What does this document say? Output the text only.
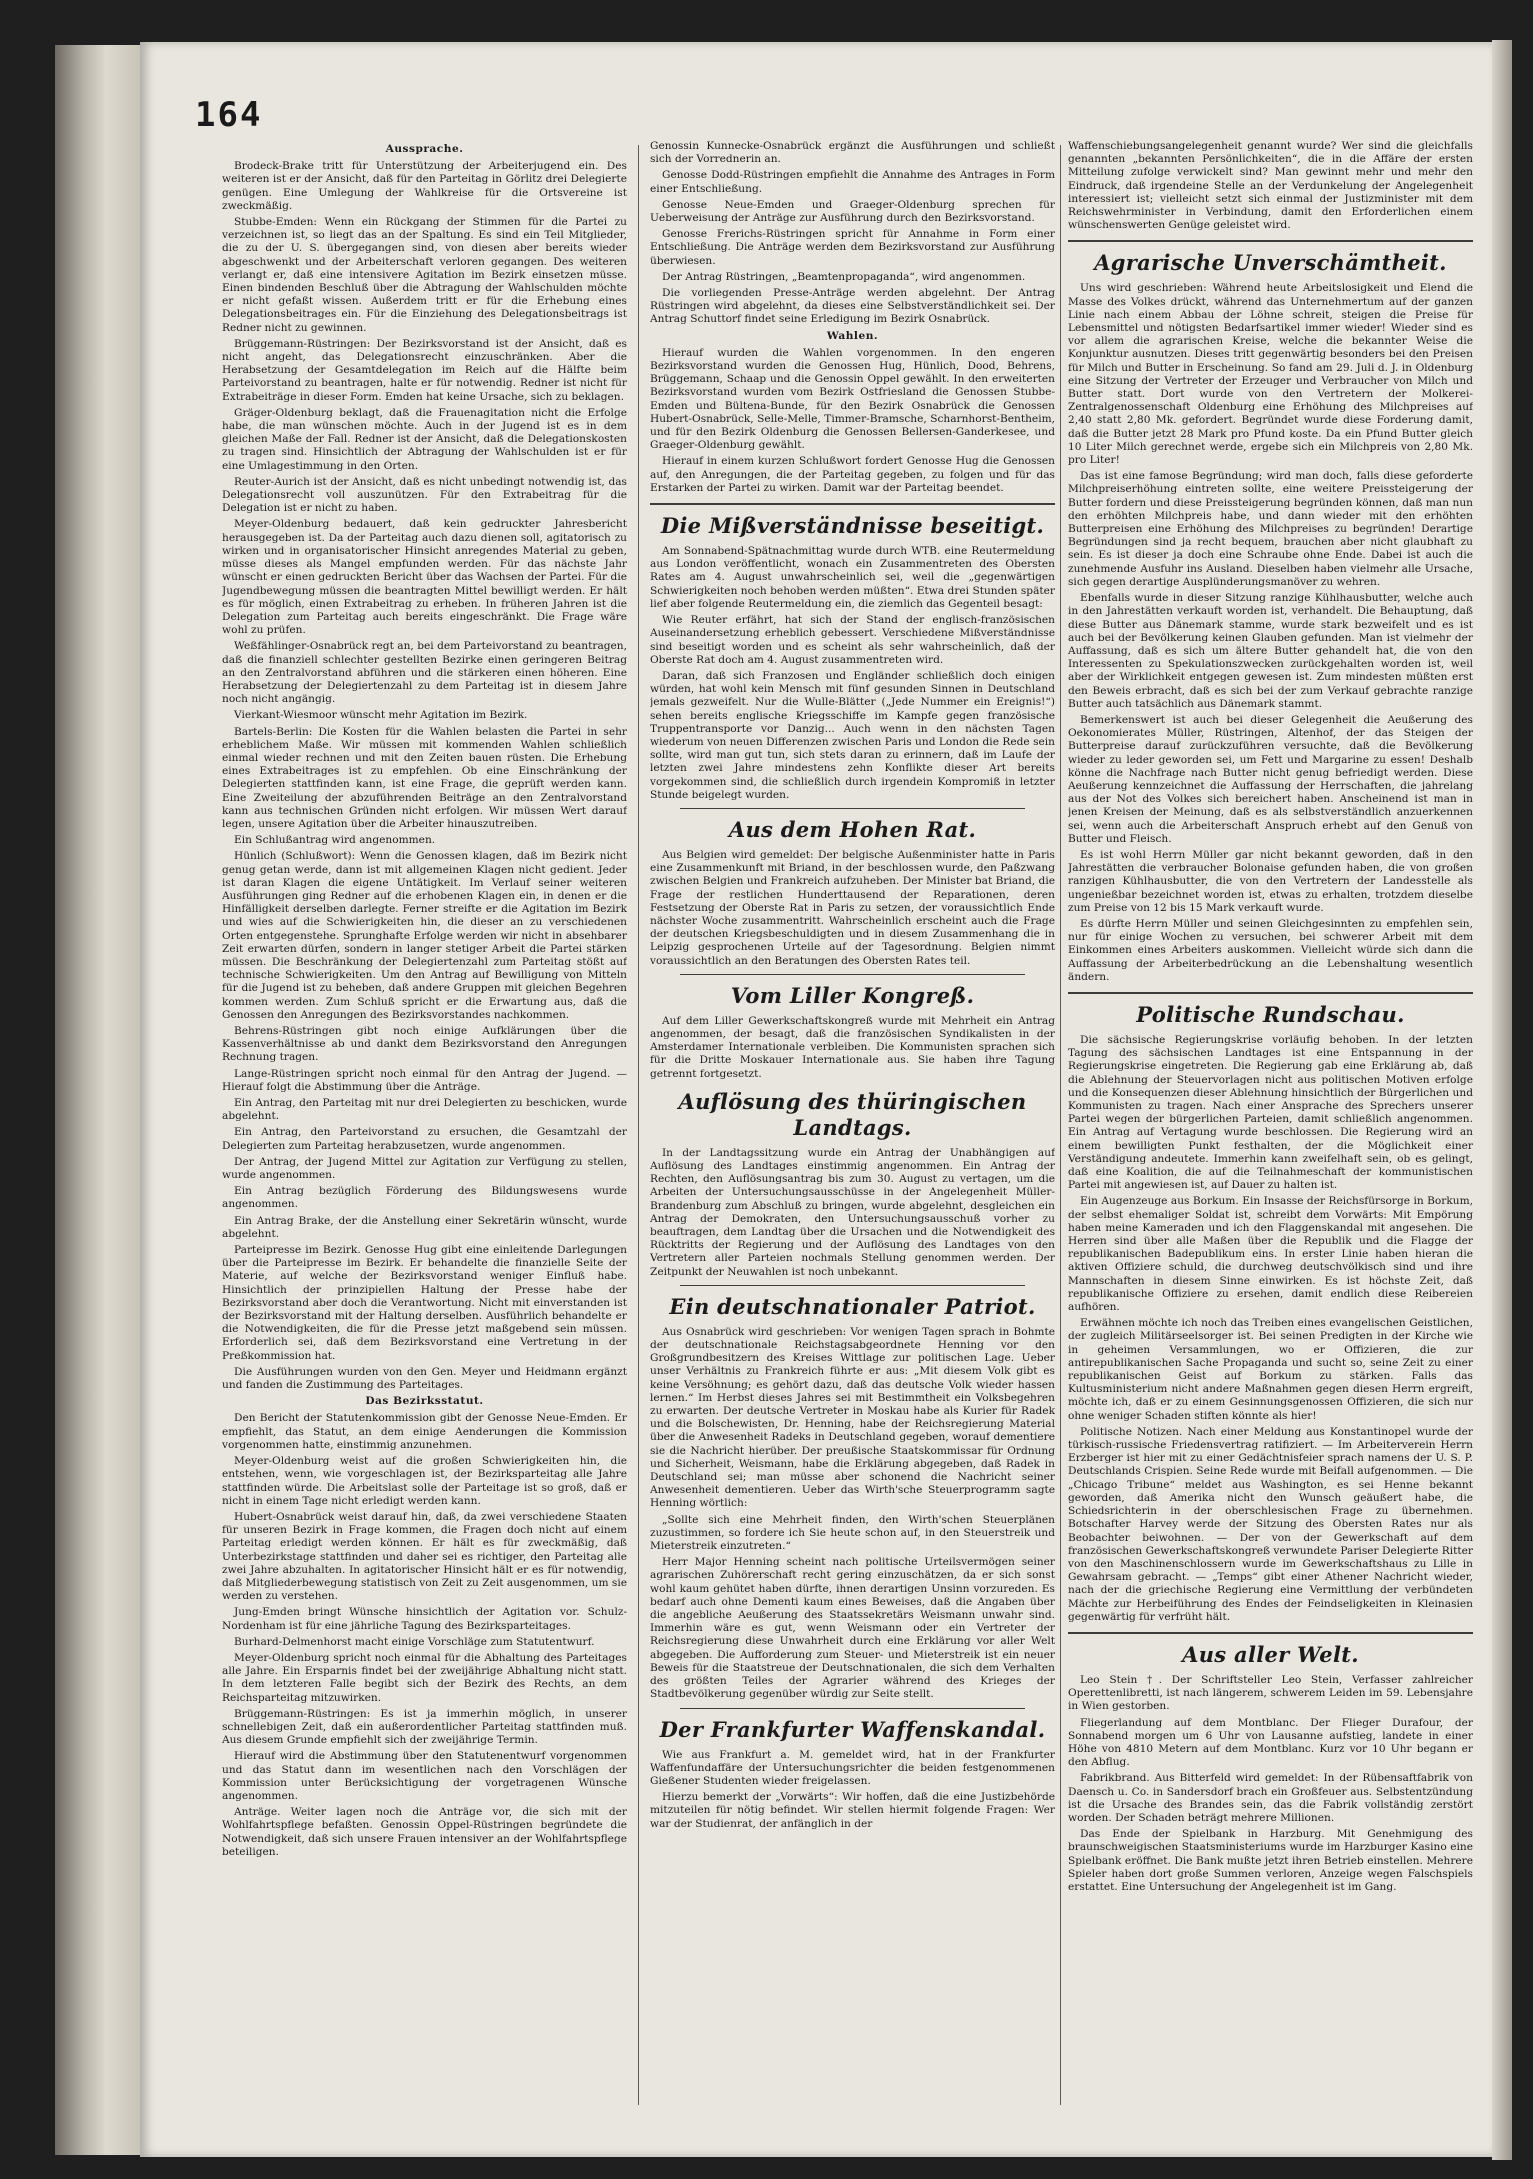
164
Aussprache.

Brodeck-Brake tritt für Unterstützung der Arbeiterjugend ein. Des weiteren ist er der Ansicht, daß für den Parteitag in Görlitz drei Delegierte genügen. Eine Umlegung der Wahlkreise für die Ortsvereine ist zweckmäßig.

Stubbe-Emden: Wenn ein Rückgang der Stimmen für die Partei zu verzeichnen ist, so liegt das an der Spaltung. Es sind ein Teil Mitglieder, die zu der U. S. übergegangen sind, von diesen aber bereits wieder abgeschwenkt und der Arbeiterschaft verloren gegangen. Des weiteren verlangt er, daß eine intensivere Agitation im Bezirk einsetzen müsse. Einen bindenden Beschluß über die Abtragung der Wahlschulden möchte er nicht gefaßt wissen. Außerdem tritt er für die Erhebung eines Delegationsbeitrages ein. Für die Einziehung des Delegationsbeitrags ist Redner nicht zu gewinnen.

Brüggemann-Rüstringen: Der Bezirksvorstand ist der Ansicht, daß es nicht angeht, das Delegationsrecht einzuschränken. Aber die Herabsetzung der Gesamtdelegation im Reich auf die Hälfte beim Parteivorstand zu beantragen, halte er für notwendig. Redner ist nicht für Extrabeiträge in dieser Form. Emden hat keine Ursache, sich zu beklagen.

Gräger-Oldenburg beklagt, daß die Frauenagitation nicht die Erfolge habe, die man wünschen möchte. Auch in der Jugend ist es in dem gleichen Maße der Fall. Redner ist der Ansicht, daß die Delegationskosten zu tragen sind. Hinsichtlich der Abtragung der Wahlschulden ist er für eine Umlagestimmung in den Orten.

Reuter-Aurich ist der Ansicht, daß es nicht unbedingt notwendig ist, das Delegationsrecht voll auszunützen. Für den Extrabeitrag für die Delegation ist er nicht zu haben.

Meyer-Oldenburg bedauert, daß kein gedruckter Jahresbericht herausgegeben ist. Da der Parteitag auch dazu dienen soll, agitatorisch zu wirken und in organisatorischer Hinsicht anregendes Material zu geben, müsse dieses als Mangel empfunden werden. Für das nächste Jahr wünscht er einen gedruckten Bericht über das Wachsen der Partei. Für die Jugendbewegung müssen die beantragten Mittel bewilligt werden. Er hält es für möglich, einen Extrabeitrag zu erheben. In früheren Jahren ist die Delegation zum Parteitag auch bereits eingeschränkt. Die Frage wäre wohl zu prüfen.

Weßfählinger-Osnabrück regt an, bei dem Parteivorstand zu beantragen, daß die finanziell schlechter gestellten Bezirke einen geringeren Beitrag an den Zentralvorstand abführen und die stärkeren einen höheren. Eine Herabsetzung der Delegiertenzahl zu dem Parteitag ist in diesem Jahre noch nicht angängig.

Vierkant-Wiesmoor wünscht mehr Agitation im Bezirk.

Bartels-Berlin: Die Kosten für die Wahlen belasten die Partei in sehr erheblichem Maße. Wir müssen mit kommenden Wahlen schließlich einmal wieder rechnen und mit den Zeiten bauen rüsten. Die Erhebung eines Extrabeitrages ist zu empfehlen. Ob eine Einschränkung der Delegierten stattfinden kann, ist eine Frage, die geprüft werden kann. Eine Zweiteilung der abzuführenden Beiträge an den Zentralvorstand kann aus technischen Gründen nicht erfolgen. Wir müssen Wert darauf legen, unsere Agitation über die Arbeiter hinauszutreiben.

Ein Schlußantrag wird angenommen.

Hünlich (Schlußwort): Wenn die Genossen klagen, daß im Bezirk nicht genug getan werde, dann ist mit allgemeinen Klagen nicht gedient. Jeder ist daran Klagen die eigene Untätigkeit. Im Verlauf seiner weiteren Ausführungen ging Redner auf die erhobenen Klagen ein, in denen er die Hinfälligkeit derselben darlegte. Ferner streifte er die Agitation im Bezirk und wies auf die Schwierigkeiten hin, die dieser an zu verschiedenen Orten entgegenstehe. Sprunghafte Erfolge werden wir nicht in absehbarer Zeit erwarten dürfen, sondern in langer stetiger Arbeit die Partei stärken müssen. Die Beschränkung der Delegiertenzahl zum Parteitag stößt auf technische Schwierigkeiten. Um den Antrag auf Bewilligung von Mitteln für die Jugend ist zu beheben, daß andere Gruppen mit gleichen Begehren kommen werden. Zum Schluß spricht er die Erwartung aus, daß die Genossen den Anregungen des Bezirksvorstandes nachkommen.

Behrens-Rüstringen gibt noch einige Aufklärungen über die Kassenverhältnisse ab und dankt dem Bezirksvorstand den Anregungen Rechnung tragen.

Lange-Rüstringen spricht noch einmal für den Antrag der Jugend. — Hierauf folgt die Abstimmung über die Anträge.

Ein Antrag, den Parteitag mit nur drei Delegierten zu beschicken, wurde abgelehnt.

Ein Antrag, den Parteivorstand zu ersuchen, die Gesamtzahl der Delegierten zum Parteitag herabzusetzen, wurde angenommen.

Der Antrag, der Jugend Mittel zur Agitation zur Verfügung zu stellen, wurde angenommen.

Ein Antrag bezüglich Förderung des Bildungswesens wurde angenommen.

Ein Antrag Brake, der die Anstellung einer Sekretärin wünscht, wurde abgelehnt.

Parteipresse im Bezirk. Genosse Hug gibt eine einleitende Darlegungen über die Parteipresse im Bezirk. Er behandelte die finanzielle Seite der Materie, auf welche der Bezirksvorstand weniger Einfluß habe. Hinsichtlich der prinzipiellen Haltung der Presse habe der Bezirksvorstand aber doch die Verantwortung. Nicht mit einverstanden ist der Bezirksvorstand mit der Haltung derselben. Ausführlich behandelte er die Notwendigkeiten, die für die Presse jetzt maßgebend sein müssen. Erforderlich sei, daß dem Bezirksvorstand eine Vertretung in der Preßkommission hat.

Die Ausführungen wurden von den Gen. Meyer und Heidmann ergänzt und fanden die Zustimmung des Parteitages.

Das Bezirksstatut.

Den Bericht der Statutenkommission gibt der Genosse Neue-Emden. Er empfiehlt, das Statut, an dem einige Aenderungen die Kommission vorgenommen hatte, einstimmig anzunehmen.

Meyer-Oldenburg weist auf die großen Schwierigkeiten hin, die entstehen, wenn, wie vorgeschlagen ist, der Bezirksparteitag alle Jahre stattfinden würde. Die Arbeitslast solle der Parteitage ist so groß, daß er nicht in einem Tage nicht erledigt werden kann.

Hubert-Osnabrück weist darauf hin, daß, da zwei verschiedene Staaten für unseren Bezirk in Frage kommen, die Fragen doch nicht auf einem Parteitag erledigt werden können. Er hält es für zweckmäßig, daß Unterbezirkstage stattfinden und daher sei es richtiger, den Parteitag alle zwei Jahre abzuhalten. In agitatorischer Hinsicht hält er es für notwendig, daß Mitgliederbewegung statistisch von Zeit zu Zeit ausgenommen, um sie werden zu verstehen.

Jung-Emden bringt Wünsche hinsichtlich der Agitation vor. Schulz-Nordenham ist für eine jährliche Tagung des Bezirksparteitages.

Burhard-Delmenhorst macht einige Vorschläge zum Statutentwurf.

Meyer-Oldenburg spricht noch einmal für die Abhaltung des Parteitages alle Jahre. Ein Ersparnis findet bei der zweijährige Abhaltung nicht statt. In dem letzteren Falle begibt sich der Bezirk des Rechts, an dem Reichsparteitag mitzuwirken.

Brüggemann-Rüstringen: Es ist ja immerhin möglich, in unserer schnellebigen Zeit, daß ein außerordentlicher Parteitag stattfinden muß. Aus diesem Grunde empfiehlt sich der zweijährige Termin.

Hierauf wird die Abstimmung über den Statutenentwurf vorgenommen und das Statut dann im wesentlichen nach den Vorschlägen der Kommission unter Berücksichtigung der vorgetragenen Wünsche angenommen.

Anträge. Weiter lagen noch die Anträge vor, die sich mit der Wohlfahrtspflege befaßten. Genossin Oppel-Rüstringen begründete die Notwendigkeit, daß sich unsere Frauen intensiver an der Wohlfahrtspflege beteiligen.

Genossin Kunnecke-Osnabrück ergänzt die Ausführungen und schließt sich der Vorrednerin an.

Genosse Dodd-Rüstringen empfiehlt die Annahme des Antrages in Form einer Entschließung.

Genosse Neue-Emden und Graeger-Oldenburg sprechen für Ueberweisung der Anträge zur Ausführung durch den Bezirksvorstand.

Genosse Frerichs-Rüstringen spricht für Annahme in Form einer Entschließung. Die Anträge werden dem Bezirksvorstand zur Ausführung überwiesen.

Der Antrag Rüstringen, „Beamtenpropaganda“, wird angenommen.

Die vorliegenden Presse-Anträge werden abgelehnt. Der Antrag Rüstringen wird abgelehnt, da dieses eine Selbstverständlichkeit sei. Der Antrag Schuttorf findet seine Erledigung im Bezirk Osnabrück.

Wahlen.

Hierauf wurden die Wahlen vorgenommen. In den engeren Bezirksvorstand wurden die Genossen Hug, Hünlich, Dood, Behrens, Brüggemann, Schaap und die Genossin Oppel gewählt. In den erweiterten Bezirksvorstand wurden vom Bezirk Ostfriesland die Genossen Stubbe-Emden und Bültena-Bunde, für den Bezirk Osnabrück die Genossen Hubert-Osnabrück, Selle-Melle, Timmer-Bramsche, Scharnhorst-Bentheim, und für den Bezirk Oldenburg die Genossen Bellersen-Ganderkesee, und Graeger-Oldenburg gewählt.

Hierauf in einem kurzen Schlußwort fordert Genosse Hug die Genossen auf, den Anregungen, die der Parteitag gegeben, zu folgen und für das Erstarken der Partei zu wirken. Damit war der Parteitag beendet.

Die Mißverständnisse beseitigt.

Am Sonnabend-Spätnachmittag wurde durch WTB. eine Reutermeldung aus London veröffentlicht, wonach ein Zusammentreten des Obersten Rates am 4. August unwahrscheinlich sei, weil die „gegenwärtigen Schwierigkeiten noch behoben werden müßten“. Etwa drei Stunden später lief aber folgende Reutermeldung ein, die ziemlich das Gegenteil besagt:

Wie Reuter erfährt, hat sich der Stand der englisch-französischen Auseinandersetzung erheblich gebessert. Verschiedene Mißverständnisse sind beseitigt worden und es scheint als sehr wahrscheinlich, daß der Oberste Rat doch am 4. August zusammentreten wird.

Daran, daß sich Franzosen und Engländer schließlich doch einigen würden, hat wohl kein Mensch mit fünf gesunden Sinnen in Deutschland jemals gezweifelt. Nur die Wulle-Blätter („Jede Nummer ein Ereignis!“) sehen bereits englische Kriegsschiffe im Kampfe gegen französische Truppentransporte vor Danzig... Auch wenn in den nächsten Tagen wiederum von neuen Differenzen zwischen Paris und London die Rede sein sollte, wird man gut tun, sich stets daran zu erinnern, daß im Laufe der letzten zwei Jahre mindestens zehn Konflikte dieser Art bereits vorgekommen sind, die schließlich durch irgendein Kompromiß in letzter Stunde beigelegt wurden.

Aus dem Hohen Rat.

Aus Belgien wird gemeldet: Der belgische Außenminister hatte in Paris eine Zusammenkunft mit Briand, in der beschlossen wurde, den Paßzwang zwischen Belgien und Frankreich aufzuheben. Der Minister bat Briand, die Frage der restlichen Hunderttausend der Reparationen, deren Festsetzung der Oberste Rat in Paris zu setzen, der voraussichtlich Ende nächster Woche zusammentritt. Wahrscheinlich erscheint auch die Frage der deutschen Kriegsbeschuldigten und in diesem Zusammenhang die in Leipzig gesprochenen Urteile auf der Tagesordnung. Belgien nimmt voraussichtlich an den Beratungen des Obersten Rates teil.

Vom Liller Kongreß.

Auf dem Liller Gewerkschaftskongreß wurde mit Mehrheit ein Antrag angenommen, der besagt, daß die französischen Syndikalisten in der Amsterdamer Internationale verbleiben. Die Kommunisten sprachen sich für die Dritte Moskauer Internationale aus. Sie haben ihre Tagung getrennt fortgesetzt.

Auflösung des thüringischen Landtags.

In der Landtagssitzung wurde ein Antrag der Unabhängigen auf Auflösung des Landtages einstimmig angenommen. Ein Antrag der Rechten, den Auflösungsantrag bis zum 30. August zu vertagen, um die Arbeiten der Untersuchungsausschüsse in der Angelegenheit Müller-Brandenburg zum Abschluß zu bringen, wurde abgelehnt, desgleichen ein Antrag der Demokraten, den Untersuchungsausschuß vorher zu beauftragen, dem Landtag über die Ursachen und die Notwendigkeit des Rücktritts der Regierung und der Auflösung des Landtages von den Vertretern aller Parteien nochmals Stellung genommen werden. Der Zeitpunkt der Neuwahlen ist noch unbekannt.

Ein deutschnationaler Patriot.

Aus Osnabrück wird geschrieben: Vor wenigen Tagen sprach in Bohmte der deutschnationale Reichstagsabgeordnete Henning vor den Großgrundbesitzern des Kreises Wittlage zur politischen Lage. Ueber unser Verhältnis zu Frankreich führte er aus: „Mit diesem Volk gibt es keine Versöhnung; es gehört dazu, daß das deutsche Volk wieder hassen lernen.“ Im Herbst dieses Jahres sei mit Bestimmtheit ein Volksbegehren zu erwarten. Der deutsche Vertreter in Moskau habe als Kurier für Radek und die Bolschewisten, Dr. Henning, habe der Reichsregierung Material über die Anwesenheit Radeks in Deutschland gegeben, worauf dementiere sie die Nachricht hierüber. Der preußische Staatskommissar für Ordnung und Sicherheit, Weismann, habe die Erklärung abgegeben, daß Radek in Deutschland sei; man müsse aber schonend die Nachricht seiner Anwesenheit dementieren. Ueber das Wirth'sche Steuerprogramm sagte Henning wörtlich:

„Sollte sich eine Mehrheit finden, den Wirth'schen Steuerplänen zuzustimmen, so fordere ich Sie heute schon auf, in den Steuerstreik und Mieterstreik einzutreten.“

Herr Major Henning scheint nach politische Urteilsvermögen seiner agrarischen Zuhörerschaft recht gering einzuschätzen, da er sich sonst wohl kaum gehütet haben dürfte, ihnen derartigen Unsinn vorzureden. Es bedarf auch ohne Dementi kaum eines Beweises, daß die Angaben über die angebliche Aeußerung des Staatssekretärs Weismann unwahr sind. Immerhin wäre es gut, wenn Weismann oder ein Vertreter der Reichsregierung diese Unwahrheit durch eine Erklärung vor aller Welt abgegeben. Die Aufforderung zum Steuer- und Mieterstreik ist ein neuer Beweis für die Staatstreue der Deutschnationalen, die sich dem Verhalten des größten Teiles der Agrarier während des Krieges der Stadtbevölkerung gegenüber würdig zur Seite stellt.

Der Frankfurter Waffenskandal.

Wie aus Frankfurt a. M. gemeldet wird, hat in der Frankfurter Waffenfundaffäre der Untersuchungsrichter die beiden festgenommenen Gießener Studenten wieder freigelassen.

Hierzu bemerkt der „Vorwärts“: Wir hoffen, daß die eine Justizbehörde mitzuteilen für nötig befindet. Wir stellen hiermit folgende Fragen: Wer war der Studienrat, der anfänglich in der

Waffenschiebungsangelegenheit genannt wurde? Wer sind die gleichfalls genannten „bekannten Persönlichkeiten“, die in die Affäre der ersten Mitteilung zufolge verwickelt sind? Man gewinnt mehr und mehr den Eindruck, daß irgendeine Stelle an der Verdunkelung der Angelegenheit interessiert ist; vielleicht setzt sich einmal der Justizminister mit dem Reichswehrminister in Verbindung, damit den Erforderlichen einem wünschenswerten Genüge geleistet wird.

Agrarische Unverschämtheit.

Uns wird geschrieben: Während heute Arbeitslosigkeit und Elend die Masse des Volkes drückt, während das Unternehmertum auf der ganzen Linie nach einem Abbau der Löhne schreit, steigen die Preise für Lebensmittel und nötigsten Bedarfsartikel immer wieder! Wieder sind es vor allem die agrarischen Kreise, welche die bekannter Weise die Konjunktur ausnutzen. Dieses tritt gegenwärtig besonders bei den Preisen für Milch und Butter in Erscheinung. So fand am 29. Juli d. J. in Oldenburg eine Sitzung der Vertreter der Erzeuger und Verbraucher von Milch und Butter statt. Dort wurde von den Vertretern der Molkerei-Zentralgenossenschaft Oldenburg eine Erhöhung des Milchpreises auf 2,40 statt 2,80 Mk. gefordert. Begründet wurde diese Forderung damit, daß die Butter jetzt 28 Mark pro Pfund koste. Da ein Pfund Butter gleich 10 Liter Milch gerechnet werde, ergebe sich ein Milchpreis von 2,80 Mk. pro Liter!

Das ist eine famose Begründung; wird man doch, falls diese geforderte Milchpreiserhöhung eintreten sollte, eine weitere Preissteigerung der Butter fordern und diese Preissteigerung begründen können, daß man nun den erhöhten Milchpreis habe, und dann wieder mit den erhöhten Butterpreisen eine Erhöhung des Milchpreises zu begründen! Derartige Begründungen sind ja recht bequem, brauchen aber nicht glaubhaft zu sein. Es ist dieser ja doch eine Schraube ohne Ende. Dabei ist auch die zunehmende Ausfuhr ins Ausland. Dieselben haben vielmehr alle Ursache, sich gegen derartige Ausplünderungsmanöver zu wehren.

Ebenfalls wurde in dieser Sitzung ranzige Kühlhausbutter, welche auch in den Jahrestätten verkauft worden ist, verhandelt. Die Behauptung, daß diese Butter aus Dänemark stamme, wurde stark bezweifelt und es ist auch bei der Bevölkerung keinen Glauben gefunden. Man ist vielmehr der Auffassung, daß es sich um ältere Butter gehandelt hat, die von den Interessenten zu Spekulationszwecken zurückgehalten worden ist, weil aber der Wirklichkeit entgegen gewesen ist. Zum mindesten müßten erst den Beweis erbracht, daß es sich bei der zum Verkauf gebrachte ranzige Butter auch tatsächlich aus Dänemark stammt.

Bemerkenswert ist auch bei dieser Gelegenheit die Aeußerung des Oekonomierates Müller, Rüstringen, Altenhof, der das Steigen der Butterpreise darauf zurückzuführen versuchte, daß die Bevölkerung wieder zu leder geworden sei, um Fett und Margarine zu essen! Deshalb könne die Nachfrage nach Butter nicht genug befriedigt werden. Diese Aeußerung kennzeichnet die Auffassung der Herrschaften, die jahrelang aus der Not des Volkes sich bereichert haben. Anscheinend ist man in jenen Kreisen der Meinung, daß es als selbstverständlich anzuerkennen sei, wenn auch die Arbeiterschaft Anspruch erhebt auf den Genuß von Butter und Fleisch.

Es ist wohl Herrn Müller gar nicht bekannt geworden, daß in den Jahrestätten die verbraucher Bolonaise gefunden haben, die von großen ranzigen Kühlhausbutter, die von den Vertretern der Landesstelle als ungenießbar bezeichnet worden ist, etwas zu erhalten, trotzdem dieselbe zum Preise von 12 bis 15 Mark verkauft wurde.

Es dürfte Herrn Müller und seinen Gleichgesinnten zu empfehlen sein, nur für einige Wochen zu versuchen, bei schwerer Arbeit mit dem Einkommen eines Arbeiters auskommen. Vielleicht würde sich dann die Auffassung der Arbeiterbedrückung an die Lebenshaltung wesentlich ändern.

Politische Rundschau.

Die sächsische Regierungskrise vorläufig behoben. In der letzten Tagung des sächsischen Landtages ist eine Entspannung in der Regierungskrise eingetreten. Die Regierung gab eine Erklärung ab, daß die Ablehnung der Steuervorlagen nicht aus politischen Motiven erfolge und die Konsequenzen dieser Ablehnung hinsichtlich der Bürgerlichen und Kommunisten zu tragen. Nach einer Ansprache des Sprechers unserer Partei wegen der bürgerlichen Parteien, damit schließlich angenommen. Ein Antrag auf Vertagung wurde beschlossen. Die Regierung wird an einem bewilligten Punkt festhalten, der die Möglichkeit einer Verständigung andeutete. Immerhin kann zweifelhaft sein, ob es gelingt, daß eine Koalition, die auf die Teilnahmeschaft der kommunistischen Partei mit angewiesen ist, auf Dauer zu halten ist.

Ein Augenzeuge aus Borkum. Ein Insasse der Reichsfürsorge in Borkum, der selbst ehemaliger Soldat ist, schreibt dem Vorwärts: Mit Empörung haben meine Kameraden und ich den Flaggenskandal mit angesehen. Die Herren sind über alle Maßen über die Republik und die Flagge der republikanischen Badepublikum eins. In erster Linie haben hieran die aktiven Offiziere schuld, die durchweg deutschvölkisch sind und ihre Mannschaften in diesem Sinne einwirken. Es ist höchste Zeit, daß republikanische Offiziere zu ersehen, damit endlich diese Reibereien aufhören.

Erwähnen möchte ich noch das Treiben eines evangelischen Geistlichen, der zugleich Militärseelsorger ist. Bei seinen Predigten in der Kirche wie in geheimen Versammlungen, wo er Offizieren, die zur antirepublikanischen Sache Propaganda und sucht so, seine Zeit zu einer republikanischen Geist auf Borkum zu stärken. Falls das Kultusministerium nicht andere Maßnahmen gegen diesen Herrn ergreift, möchte ich, daß er zu einem Gesinnungsgenossen Offizieren, die sich nur ohne weniger Schaden stiften könnte als hier!

Politische Notizen. Nach einer Meldung aus Konstantinopel wurde der türkisch-russische Friedensvertrag ratifiziert. — Im Arbeiterverein Herrn Erzberger ist hier mit zu einer Gedächtnisfeier sprach namens der U. S. P. Deutschlands Crispien. Seine Rede wurde mit Beifall aufgenommen. — Die „Chicago Tribune“ meldet aus Washington, es sei Henne bekannt geworden, daß Amerika nicht den Wunsch geäußert habe, die Schiedsrichterin in der oberschlesischen Frage zu übernehmen. Botschafter Harvey werde der Sitzung des Obersten Rates nur als Beobachter beiwohnen. — Der von der Gewerkschaft auf dem französischen Gewerkschaftskongreß verwundete Pariser Delegierte Ritter von den Maschinenschlossern wurde im Gewerkschaftshaus zu Lille in Gewahrsam gebracht. — „Temps“ gibt einer Athener Nachricht wieder, nach der die griechische Regierung eine Vermittlung der verbündeten Mächte zur Herbeiführung des Endes der Feindseligkeiten in Kleinasien gegenwärtig für verfrüht hält.

Aus aller Welt.

Leo Stein †. Der Schriftsteller Leo Stein, Verfasser zahlreicher Operettenlibretti, ist nach längerem, schwerem Leiden im 59. Lebensjahre in Wien gestorben.

Fliegerlandung auf dem Montblanc. Der Flieger Durafour, der Sonnabend morgen um 6 Uhr von Lausanne aufstieg, landete in einer Höhe von 4810 Metern auf dem Montblanc. Kurz vor 10 Uhr begann er den Abflug.

Fabrikbrand. Aus Bitterfeld wird gemeldet: In der Rübensaftfabrik von Daensch u. Co. in Sandersdorf brach ein Großfeuer aus. Selbstentzündung ist die Ursache des Brandes sein, das die Fabrik vollständig zerstört worden. Der Schaden beträgt mehrere Millionen.

Das Ende der Spielbank in Harzburg. Mit Genehmigung des braunschweigischen Staatsministeriums wurde im Harzburger Kasino eine Spielbank eröffnet. Die Bank mußte jetzt ihren Betrieb einstellen. Mehrere Spieler haben dort große Summen verloren, Anzeige wegen Falschspiels erstattet. Eine Untersuchung der Angelegenheit ist im Gang.
